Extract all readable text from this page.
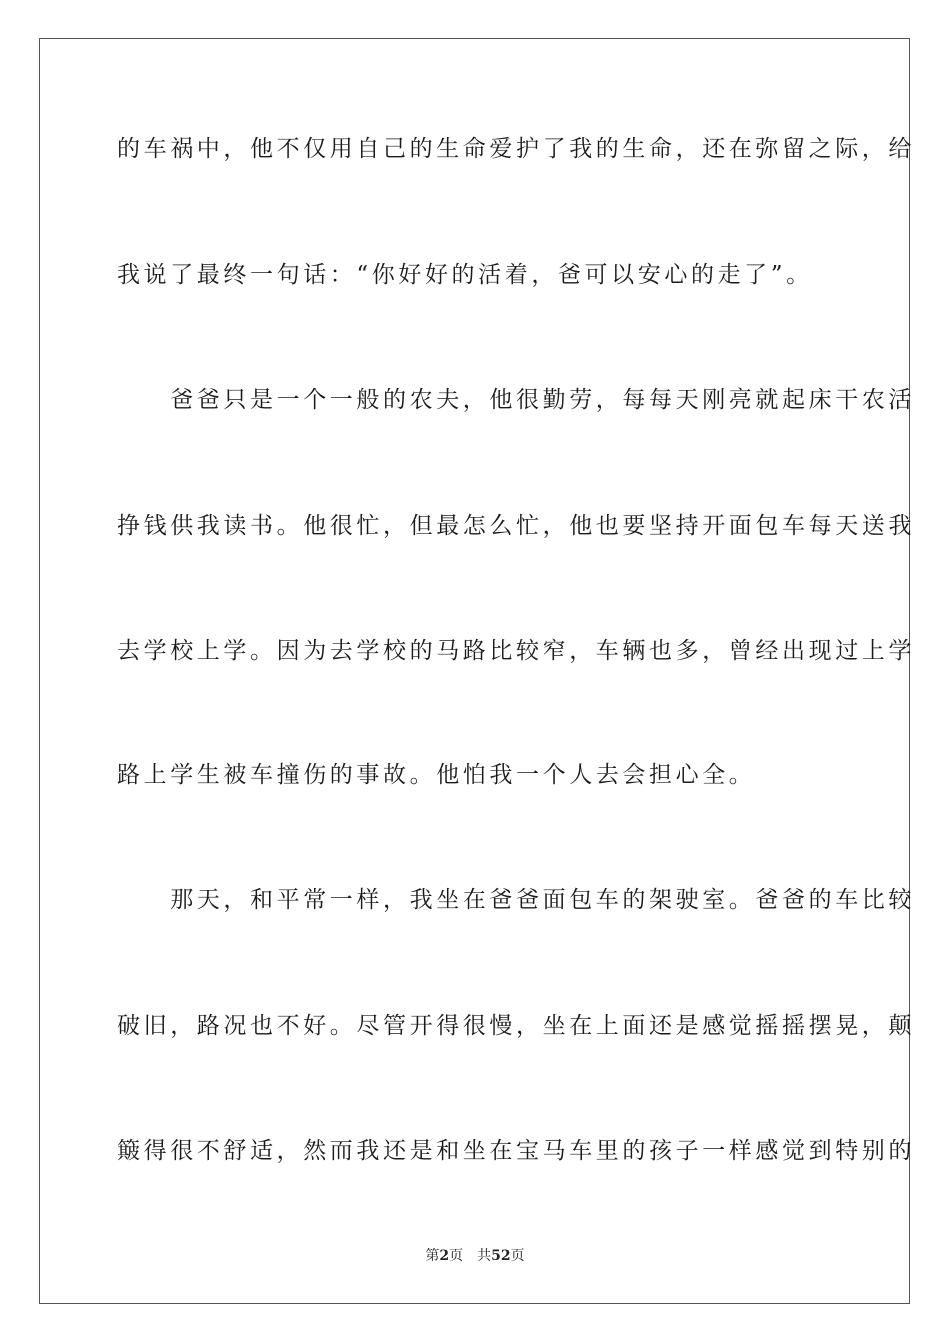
的车祸中，他不仅用自己的生命爱护了我的生命，还在弥留之际，给
我说了最终一句话：“你好好的活着，爸可以安心的走了”。
　　爸爸只是一个一般的农夫，他很勤劳，每每天刚亮就起床干农活
挣钱供我读书。他很忙，但最怎么忙，他也要坚持开面包车每天送我
去学校上学。因为去学校的马路比较窄，车辆也多，曾经出现过上学
路上学生被车撞伤的事故。他怕我一个人去会担心全。
　　那天，和平常一样，我坐在爸爸面包车的架驶室。爸爸的车比较
破旧，路况也不好。尽管开得很慢，坐在上面还是感觉摇摇摆晃，颠
簸得很不舒适，然而我还是和坐在宝马车里的孩子一样感觉到特别的
第2页 共52页
